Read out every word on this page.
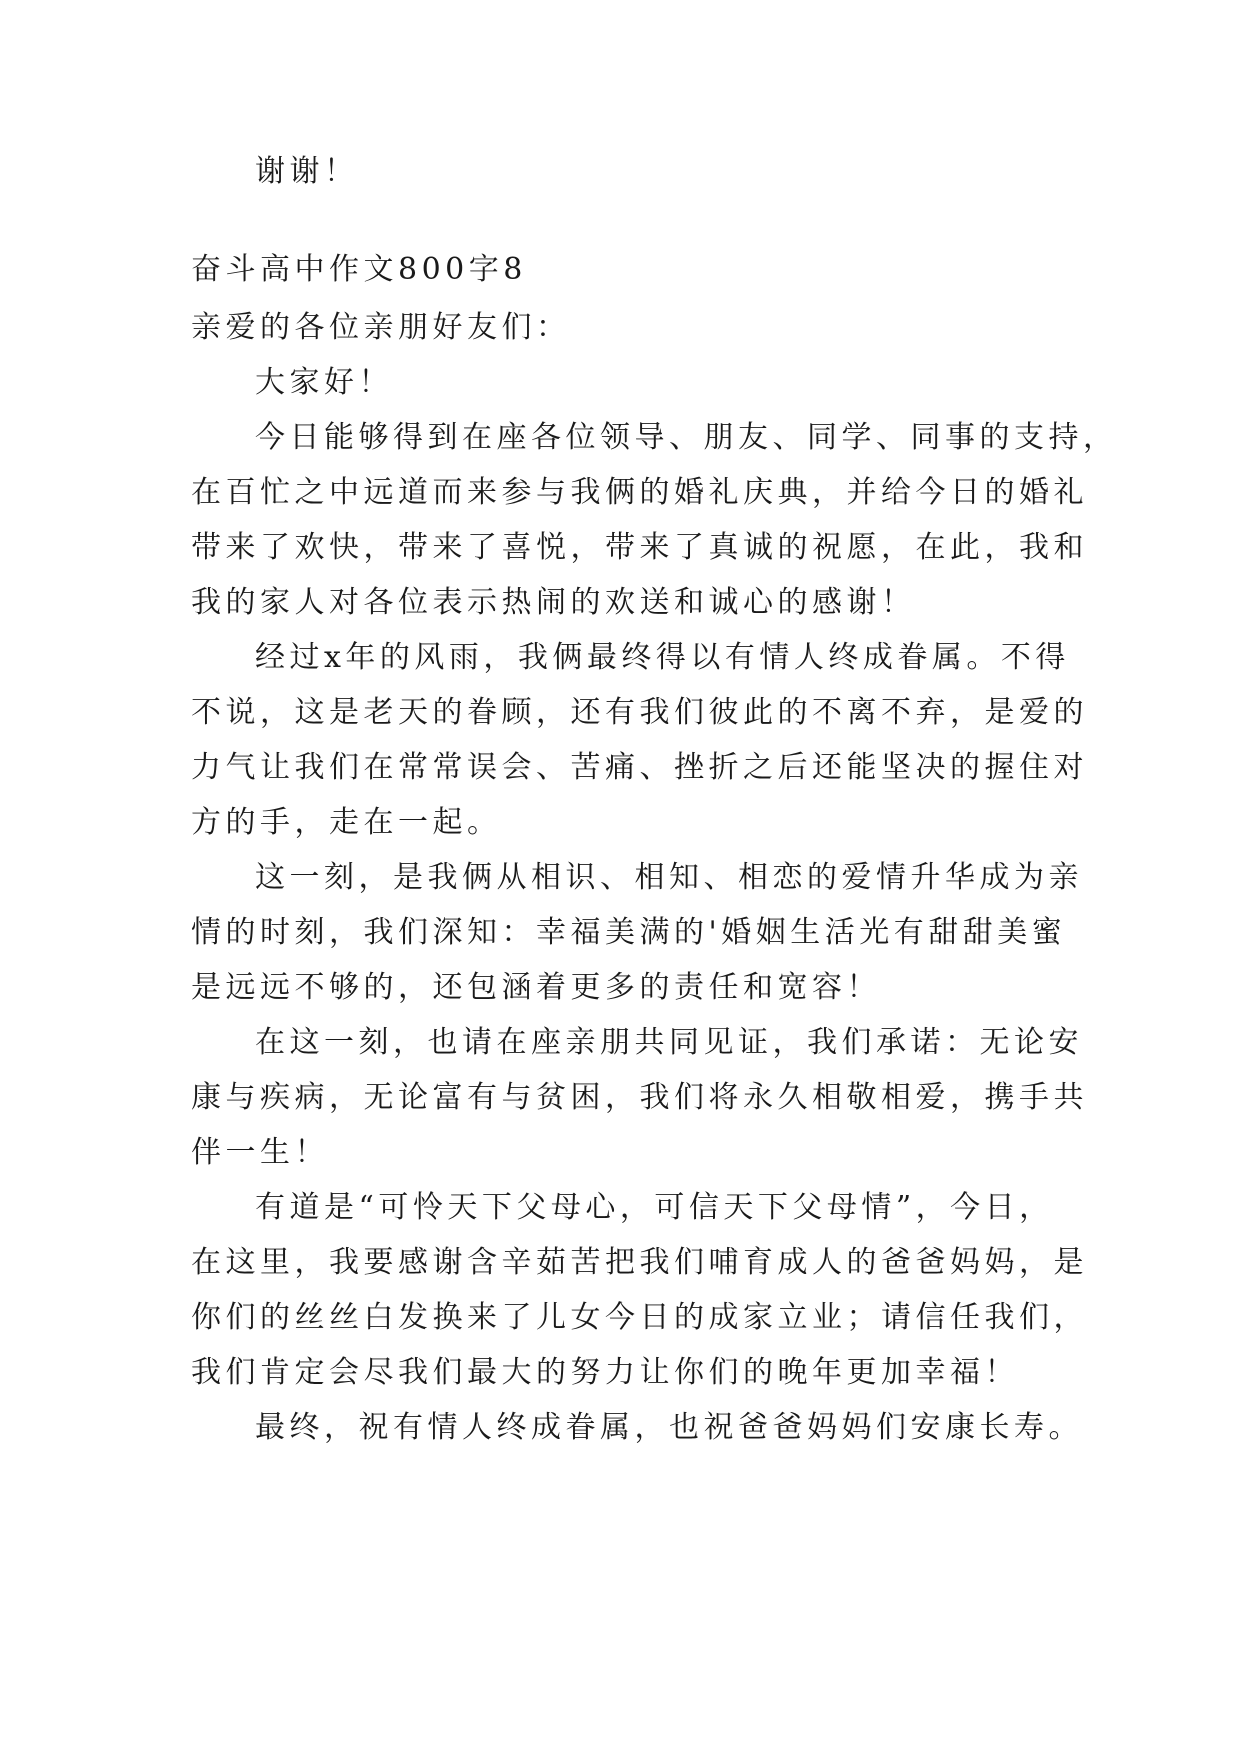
谢谢！

奋斗高中作文800字8

亲爱的各位亲朋好友们：

大家好！

今日能够得到在座各位领导、朋友、同学、同事的支持，

在百忙之中远道而来参与我俩的婚礼庆典，并给今日的婚礼

带来了欢快，带来了喜悦，带来了真诚的祝愿，在此，我和

我的家人对各位表示热闹的欢送和诚心的感谢！

经过x年的风雨，我俩最终得以有情人终成眷属。不得

不说，这是老天的眷顾，还有我们彼此的不离不弃，是爱的

力气让我们在常常误会、苦痛、挫折之后还能坚决的握住对

方的手，走在一起。

这一刻，是我俩从相识、相知、相恋的爱情升华成为亲

情的时刻，我们深知：幸福美满的'婚姻生活光有甜甜美蜜

是远远不够的，还包涵着更多的责任和宽容！

在这一刻，也请在座亲朋共同见证，我们承诺：无论安

康与疾病，无论富有与贫困，我们将永久相敬相爱，携手共

伴一生！

有道是“可怜天下父母心，可信天下父母情”，今日，

在这里，我要感谢含辛茹苦把我们哺育成人的爸爸妈妈，是

你们的丝丝白发换来了儿女今日的成家立业；请信任我们，

我们肯定会尽我们最大的努力让你们的晚年更加幸福！

最终，祝有情人终成眷属，也祝爸爸妈妈们安康长寿。
